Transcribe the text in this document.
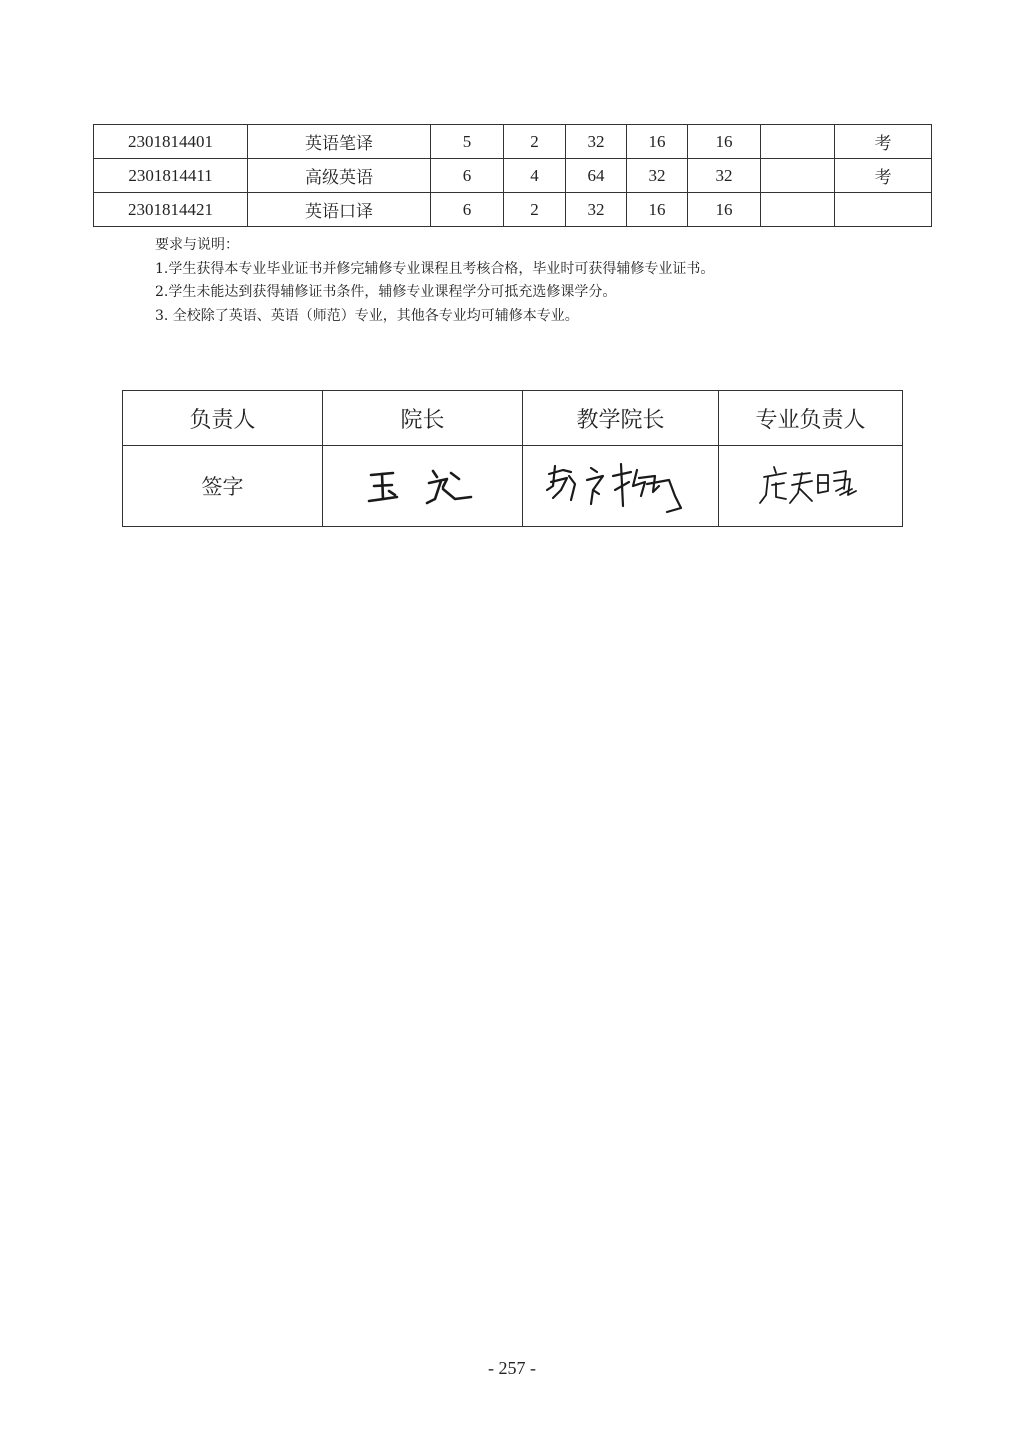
2301814401	英语笔译	5	2	32	16	16		考
2301814411	高级英语	6	4	64	32	32		考
2301814421	英语口译	6	2	32	16	16		
要求与说明：
1.学生获得本专业毕业证书并修完辅修专业课程且考核合格，毕业时可获得辅修专业证书。
2.学生未能达到获得辅修证书条件，辅修专业课程学分可抵充选修课学分。
3. 全校除了英语、英语（师范）专业，其他各专业均可辅修本专业。
负责人	院长	教学院长	专业负责人
签字	

- 257 -
